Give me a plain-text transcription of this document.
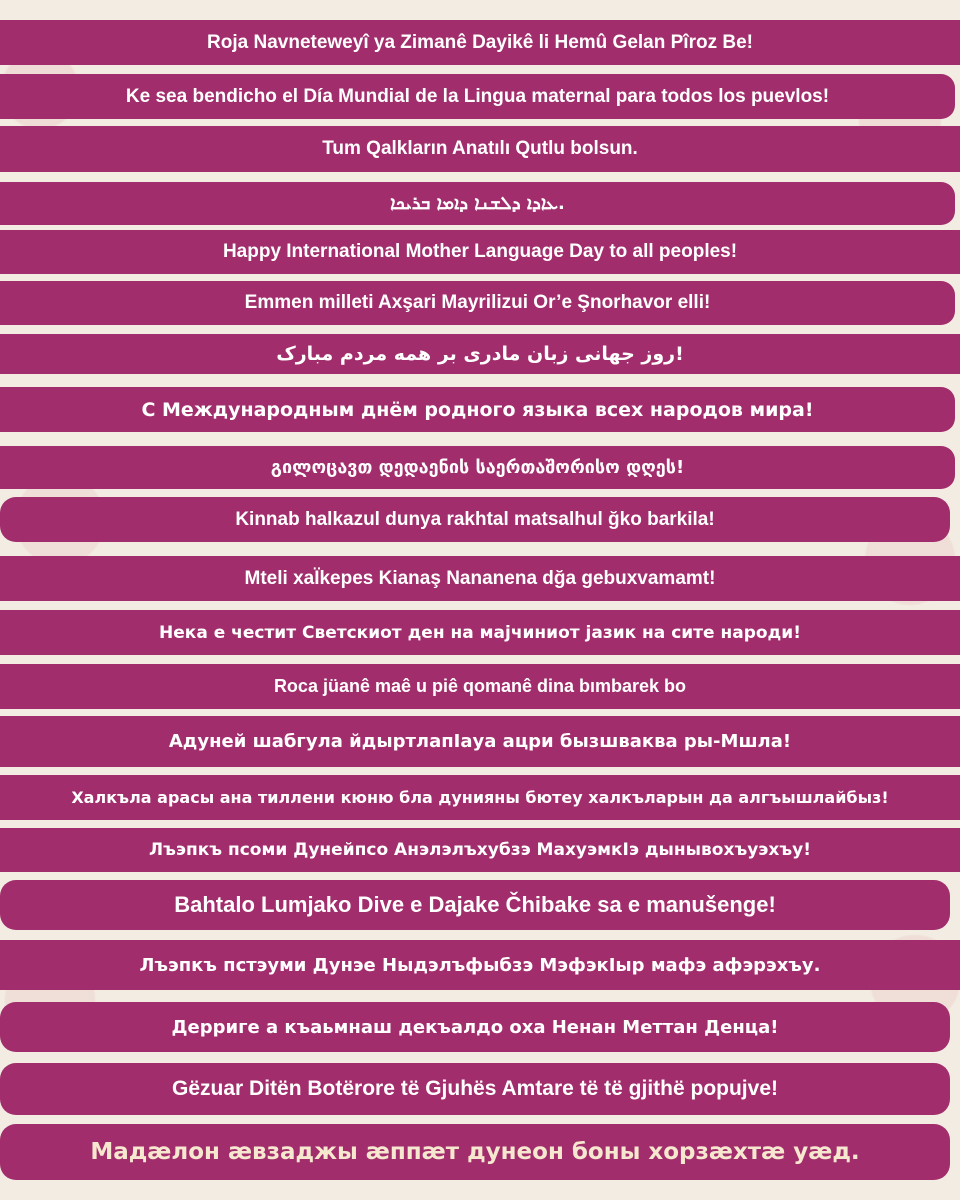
Roja Navneteweyî ya Zimanê Dayikê li Hemû Gelan Pîroz Be!
Ke sea bendicho el Día Mundial de la Lingua maternal para todos los puevlos!
Tum Qalkların Anatılı Qutlu bolsun.
ܥܐܕܐ ܕܠܫܢܐ ܕܐܡܐ ܒܪܝܟܐ.
Happy International Mother Language Day to all peoples!
Emmen milleti Axşari Mayrilizui Or’e Şnorhavor elli!
روز جهانی زبان مادری بر همه مردم مبارک!
С Международным днём родного языка всех народов мира!
გილოცავთ დედაენის საერთაშორისო დღეს!
Kinnab halkazul dunya rakhtal matsalhul ğko barkila!
Mteli xaЇkepes Kianaş Nananena dğa gebuxvamamt!
Нека е честит Светскиот ден на мајчиниот јазик на сите народи!
Roca jüanê maê u piê qomanê dina bımbarek bo
Адуней шабгула йдыртлапІауа ацри бызшвaква ры-Мшла!
Халкъла арасы ана тиллени кюню бла дунияны бютеу халкъларын да алгъышлайбыз!
Лъэпкъ псоми Дунейпсо Анэлэлъхубзэ МахуэмкIэ дынывохъуэхъу!
Bahtalo Lumjako Dive e Dajake Čhibake sa e manušenge!
Лъэпкъ пстэуми Дунэе Ныдэлъфыбзэ МэфэкIыр мафэ афэрэхъу.
Дерриге а къаьмнаш декъалдо оха Ненан Меттан Денца!
Gëzuar Ditën Botërore të Gjuhës Amtare të të gjithë popujve!
Мадæлон æвзаджы æппæт дунеон боны хорзæхтæ уæд.
